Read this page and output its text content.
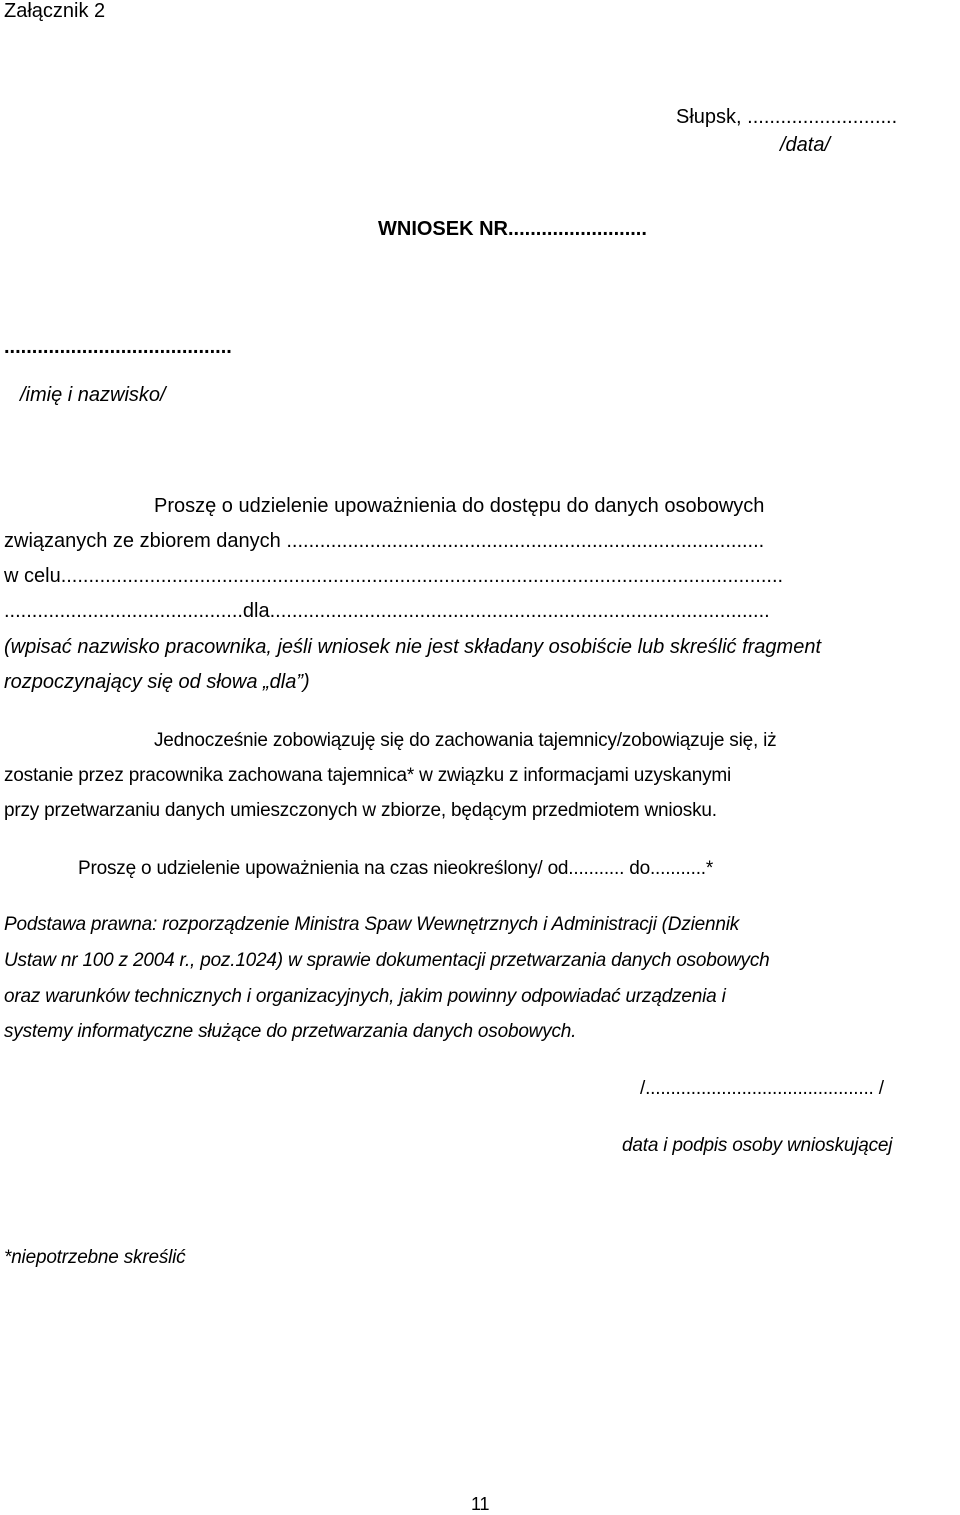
Załącznik 2
Słupsk, ...........................
/data/
WNIOSEK NR.........................
.........................................
/imię i nazwisko/
Proszę o udzielenie upoważnienia do dostępu do danych osobowych
związanych ze zbiorem danych ......................................................................................
w celu..................................................................................................................................
...........................................dla..........................................................................................
(wpisać nazwisko pracownika, jeśli wniosek nie jest składany osobiście lub skreślić fragment
rozpoczynający się od słowa „dla”)
Jednocześnie zobowiązuję się do zachowania tajemnicy/zobowiązuje się, iż
zostanie przez pracownika zachowana tajemnica* w związku z informacjami uzyskanymi
przy przetwarzaniu danych umieszczonych w zbiorze, będącym przedmiotem wniosku.
Proszę o udzielenie upoważnienia na czas nieokreślony/ od........... do...........*
Podstawa prawna: rozporządzenie Ministra Spaw Wewnętrznych i Administracji (Dziennik
Ustaw nr 100 z 2004 r., poz.1024) w sprawie dokumentacji przetwarzania danych osobowych
oraz warunków technicznych i organizacyjnych, jakim powinny odpowiadać urządzenia i
systemy informatyczne służące do przetwarzania danych osobowych.
/............................................. /
data i podpis osoby wnioskującej
*niepotrzebne skreślić
11
